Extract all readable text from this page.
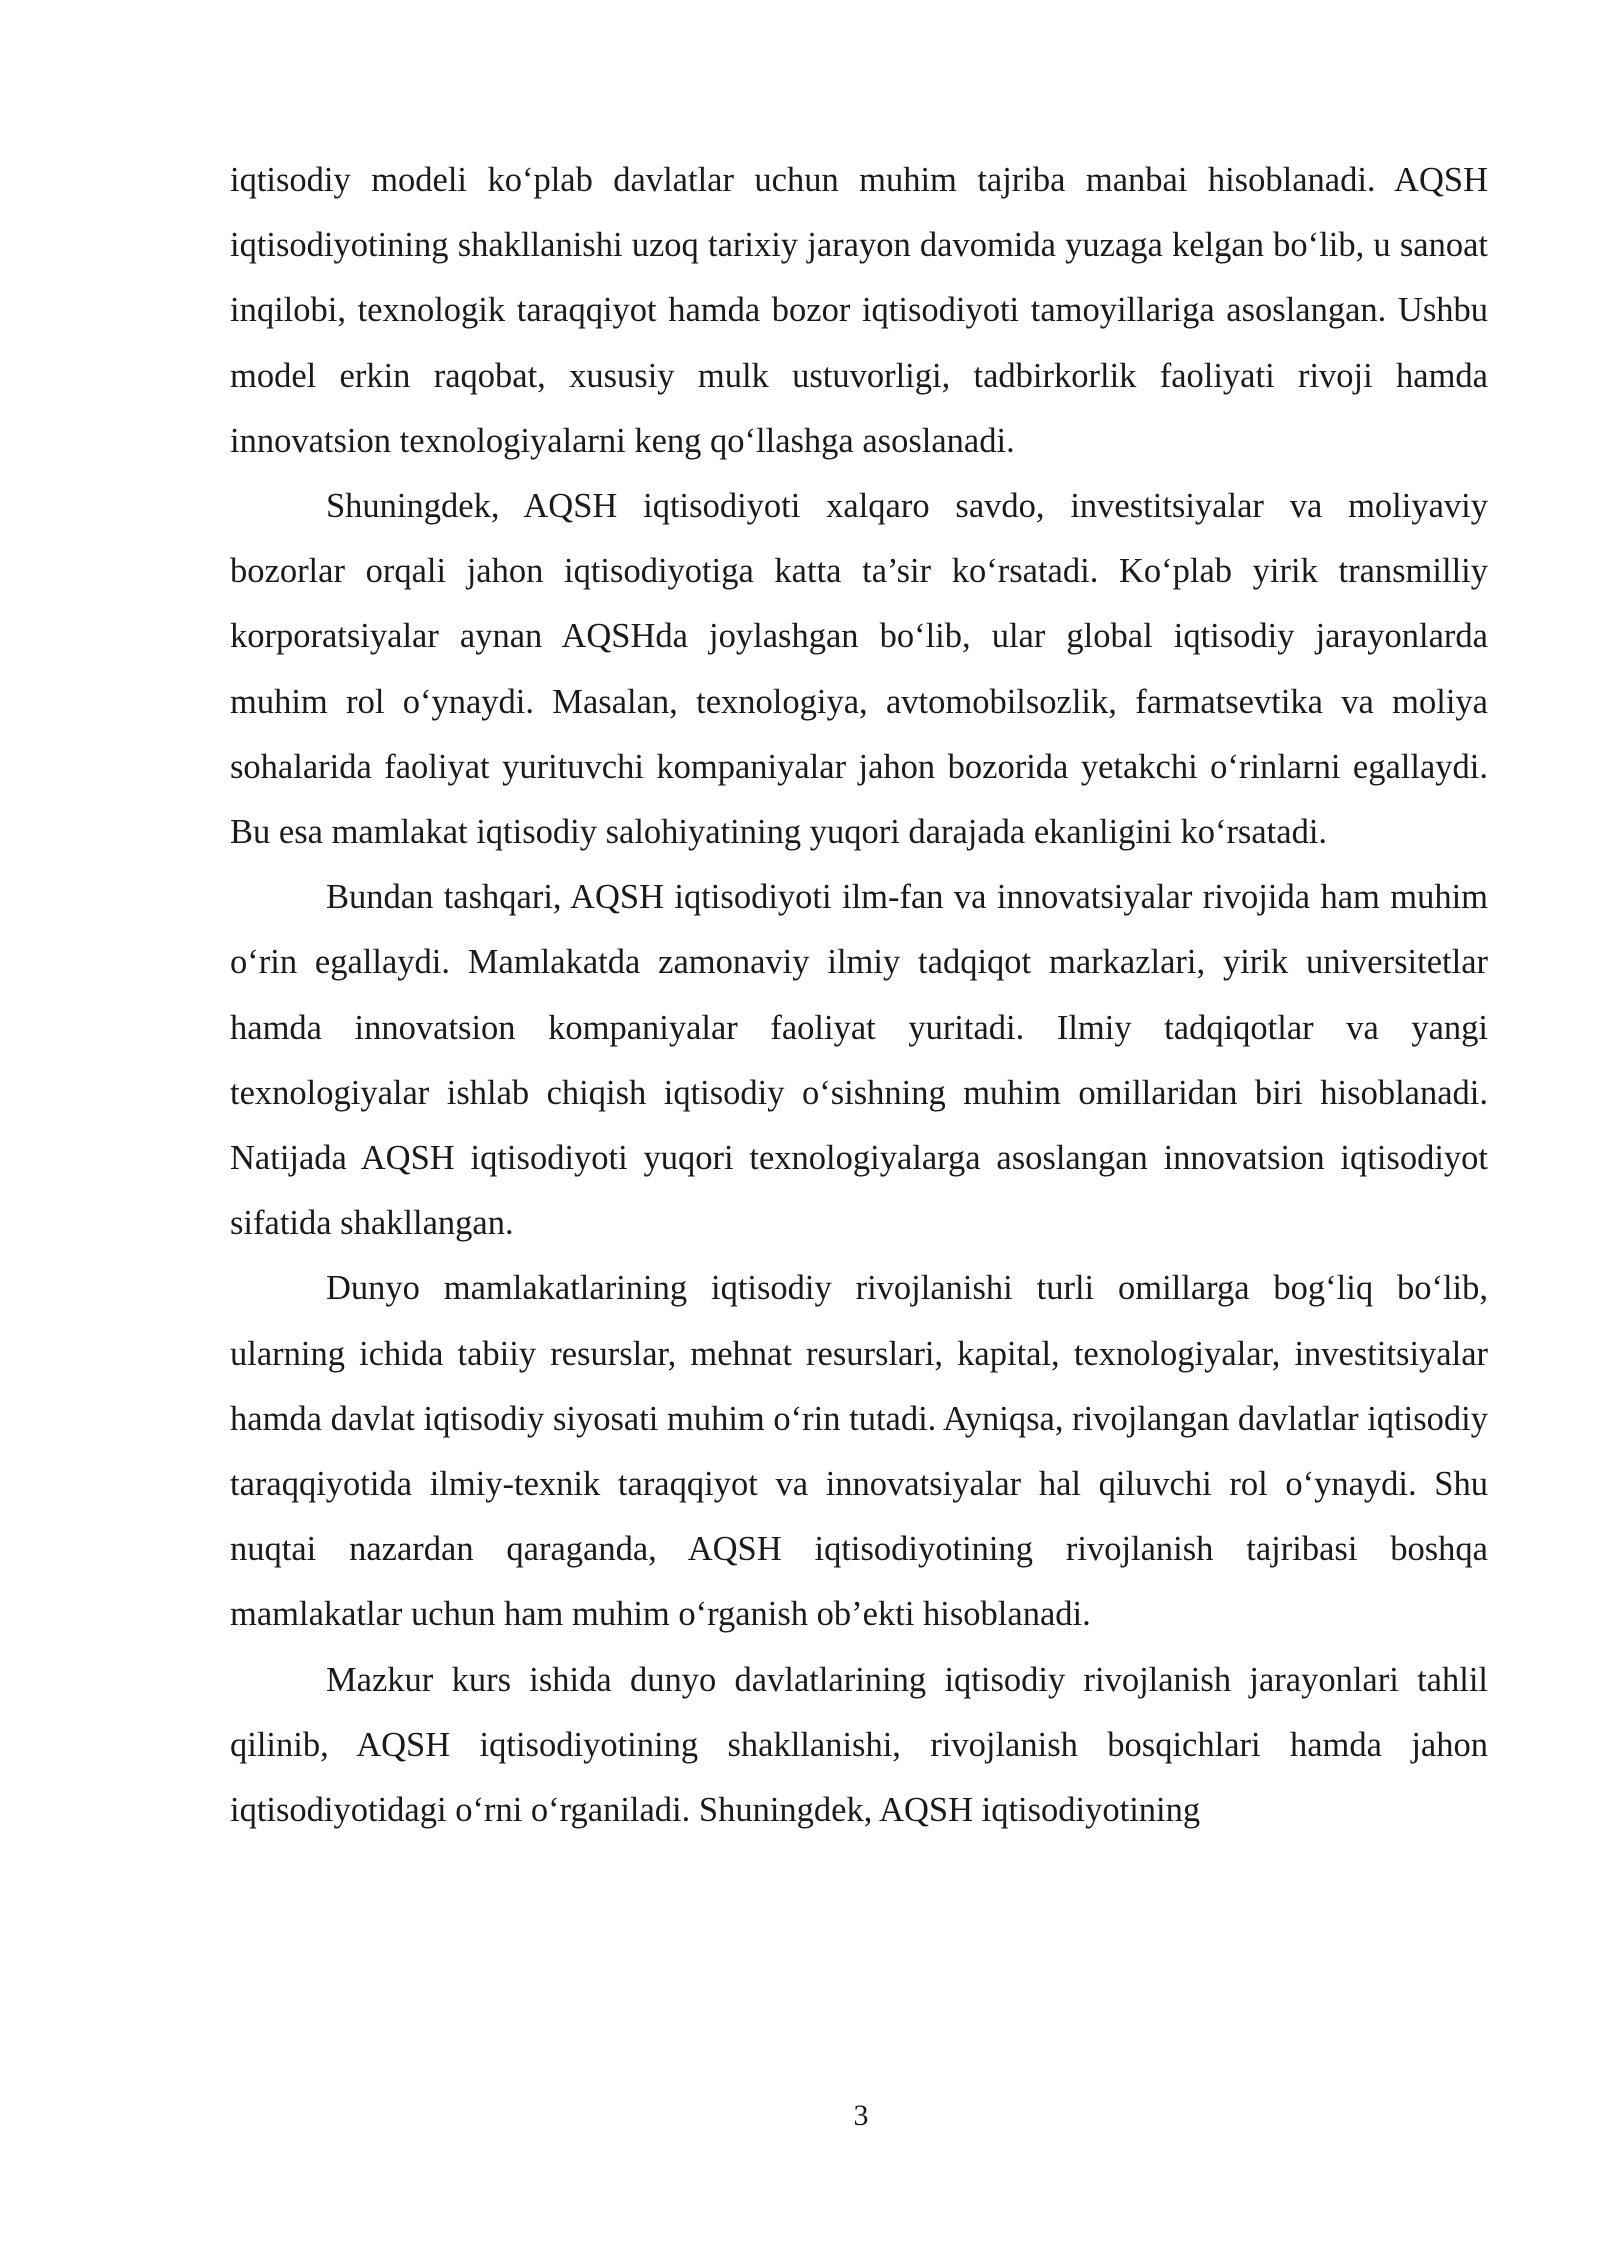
iqtisodiy modeli ko‘plab davlatlar uchun muhim tajriba manbai hisoblanadi. AQSH iqtisodiyotining shakllanishi uzoq tarixiy jarayon davomida yuzaga kelgan bo‘lib, u sanoat inqilobi, texnologik taraqqiyot hamda bozor iqtisodiyoti tamoyillariga asoslangan. Ushbu model erkin raqobat, xususiy mulk ustuvorligi, tadbirkorlik faoliyati rivoji hamda innovatsion texnologiyalarni keng qo‘llashga asoslanadi.

Shuningdek, AQSH iqtisodiyoti xalqaro savdo, investitsiyalar va moliyaviy bozorlar orqali jahon iqtisodiyotiga katta ta’sir ko‘rsatadi. Ko‘plab yirik transmilliy korporatsiyalar aynan AQSHda joylashgan bo‘lib, ular global iqtisodiy jarayonlarda muhim rol o‘ynaydi. Masalan, texnologiya, avtomobilsozlik, farmatsevtika va moliya sohalarida faoliyat yurituvchi kompaniyalar jahon bozorida yetakchi o‘rinlarni egallaydi. Bu esa mamlakat iqtisodiy salohiyatining yuqori darajada ekanligini ko‘rsatadi.

Bundan tashqari, AQSH iqtisodiyoti ilm-fan va innovatsiyalar rivojida ham muhim o‘rin egallaydi. Mamlakatda zamonaviy ilmiy tadqiqot markazlari, yirik universitetlar hamda innovatsion kompaniyalar faoliyat yuritadi. Ilmiy tadqiqotlar va yangi texnologiyalar ishlab chiqish iqtisodiy o‘sishning muhim omillaridan biri hisoblanadi. Natijada AQSH iqtisodiyoti yuqori texnologiyalarga asoslangan innovatsion iqtisodiyot sifatida shakllangan.

Dunyo mamlakatlarining iqtisodiy rivojlanishi turli omillarga bog‘liq bo‘lib, ularning ichida tabiiy resurslar, mehnat resurslari, kapital, texnologiyalar, investitsiyalar hamda davlat iqtisodiy siyosati muhim o‘rin tutadi. Ayniqsa, rivojlangan davlatlar iqtisodiy taraqqiyotida ilmiy-texnik taraqqiyot va innovatsiyalar hal qiluvchi rol o‘ynaydi. Shu nuqtai nazardan qaraganda, AQSH iqtisodiyotining rivojlanish tajribasi boshqa mamlakatlar uchun ham muhim o‘rganish ob’ekti hisoblanadi.

Mazkur kurs ishida dunyo davlatlarining iqtisodiy rivojlanish jarayonlari tahlil qilinib, AQSH iqtisodiyotining shakllanishi, rivojlanish bosqichlari hamda jahon iqtisodiyotidagi o‘rni o‘rganiladi. Shuningdek, AQSH iqtisodiyotining

3
